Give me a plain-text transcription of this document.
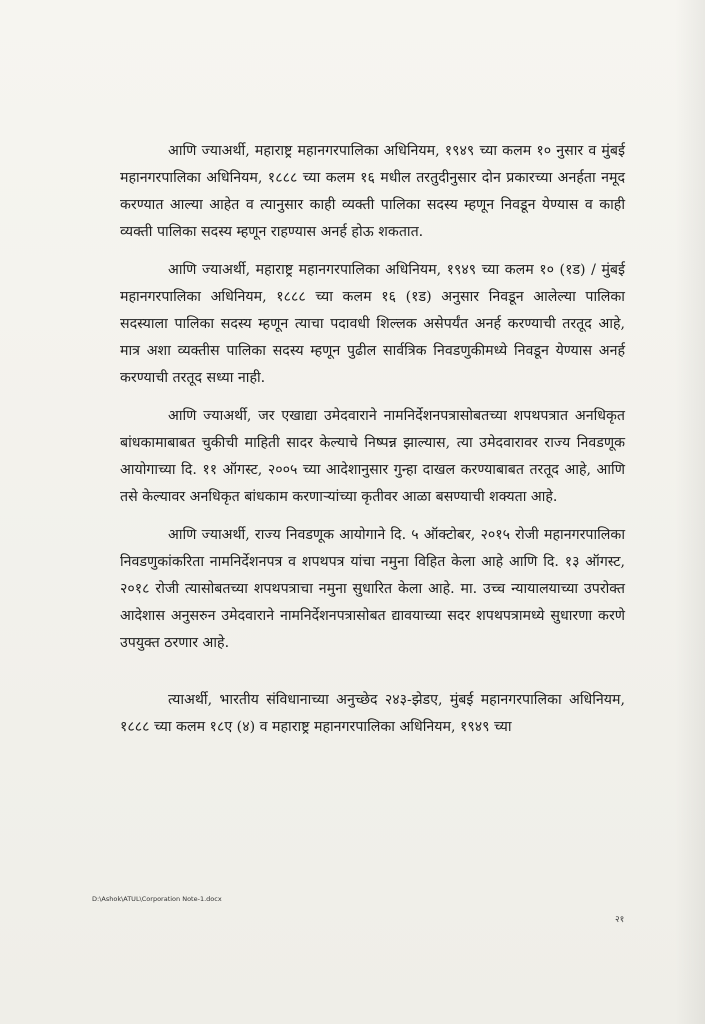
आणि ज्याअर्थी, महाराष्ट्र महानगरपालिका अधिनियम, १९४९ च्या कलम १० नुसार व मुंबई महानगरपालिका अधिनियम, १८८८ च्या कलम १६ मधील तरतुदीनुसार दोन प्रकारच्या अनर्हता नमूद करण्यात आल्या आहेत व त्यानुसार काही व्यक्ती पालिका सदस्य म्हणून निवडून येण्यास व काही व्यक्ती पालिका सदस्य म्हणून राहण्यास अनर्ह होऊ शकतात.

आणि ज्याअर्थी, महाराष्ट्र महानगरपालिका अधिनियम, १९४९ च्या कलम १० (१ड) / मुंबई महानगरपालिका अधिनियम, १८८८ च्या कलम १६ (१ड) अनुसार निवडून आलेल्या पालिका सदस्याला पालिका सदस्य म्हणून त्याचा पदावधी शिल्लक असेपर्यंत अनर्ह करण्याची तरतूद आहे, मात्र अशा व्यक्तीस पालिका सदस्य म्हणून पुढील सार्वत्रिक निवडणुकीमध्ये निवडून येण्यास अनर्ह करण्याची तरतूद सध्या नाही.

आणि ज्याअर्थी, जर एखाद्या उमेदवाराने नामनिर्देशनपत्रासोबतच्या शपथपत्रात अनधिकृत बांधकामाबाबत चुकीची माहिती सादर केल्याचे निष्पन्न झाल्यास, त्या उमेदवारावर राज्य निवडणूक आयोगाच्या दि. ११ ऑगस्ट, २००५ च्या आदेशानुसार गुन्हा दाखल करण्याबाबत तरतूद आहे, आणि तसे केल्यावर अनधिकृत बांधकाम करणाऱ्यांच्या कृतीवर आळा बसण्याची शक्यता आहे.

आणि ज्याअर्थी, राज्य निवडणूक आयोगाने दि. ५ ऑक्टोबर, २०१५ रोजी महानगरपालिका निवडणुकांकरिता नामनिर्देशनपत्र व शपथपत्र यांचा नमुना विहित केला आहे आणि दि. १३ ऑगस्ट, २०१८ रोजी त्यासोबतच्या शपथपत्राचा नमुना सुधारित केला आहे. मा. उच्च न्यायालयाच्या उपरोक्त आदेशास अनुसरुन उमेदवाराने नामनिर्देशनपत्रासोबत द्यावयाच्या सदर शपथपत्रामध्ये सुधारणा करणे उपयुक्त ठरणार आहे.

त्याअर्थी, भारतीय संविधानाच्या अनुच्छेद २४३-झेडए, मुंबई महानगरपालिका अधिनियम, १८८८ च्या कलम १८ए (४) व महाराष्ट्र महानगरपालिका अधिनियम, १९४९ च्या

D:\Ashok\ATUL\Corporation Note-1.docx
२१
